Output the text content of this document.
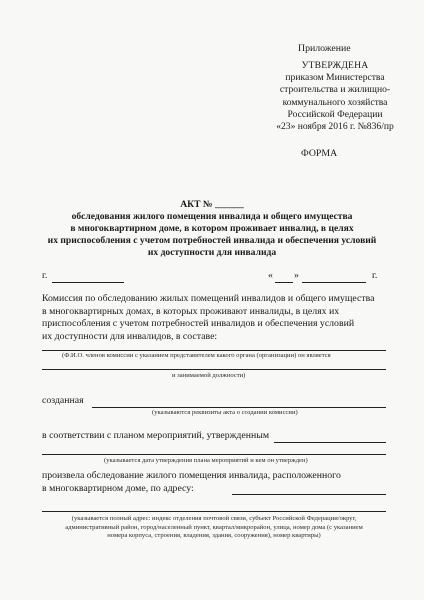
Приложение
УТВЕРЖДЕНА
приказом Министерства
строительства и жилищно-
коммунального хозяйства
Российской Федерации
«23» ноября 2016 г. №836/пр
ФОРМА
АКТ № ______
обследования жилого помещения инвалида и общего имущества
в многоквартирном доме, в котором проживает инвалид, в целях
их приспособления с учетом потребностей инвалида и обеспечения условий
их доступности для инвалида
г.	« »	г.
Комиссия по обследованию жилых помещений инвалидов и общего имущества
в многоквартирных домах, в которых проживают инвалиды, в целях их
приспособления с учетом потребностей инвалидов и обеспечения условий
их доступности для инвалидов, в составе:
(Ф.И.О. членов комиссии с указанием представителем какого органа (организации) он является
и занимаемой должности)
созданная
(указываются реквизиты акта о создании комиссии)
в соответствии с планом мероприятий, утвержденным
(указывается дата утверждения плана мероприятий и кем он утвержден)
произвела обследование жилого помещения инвалида, расположенного
в многоквартирном доме, по адресу:
(указывается полный адрес: индекс отделения почтовой связи, субъект Российской Федерации/округ,
административный район, город/населенный пункт, квартал/микрорайон, улица, номер дома (с указанием
номера корпуса, строения, владения, здания, сооружения), номер квартиры)
